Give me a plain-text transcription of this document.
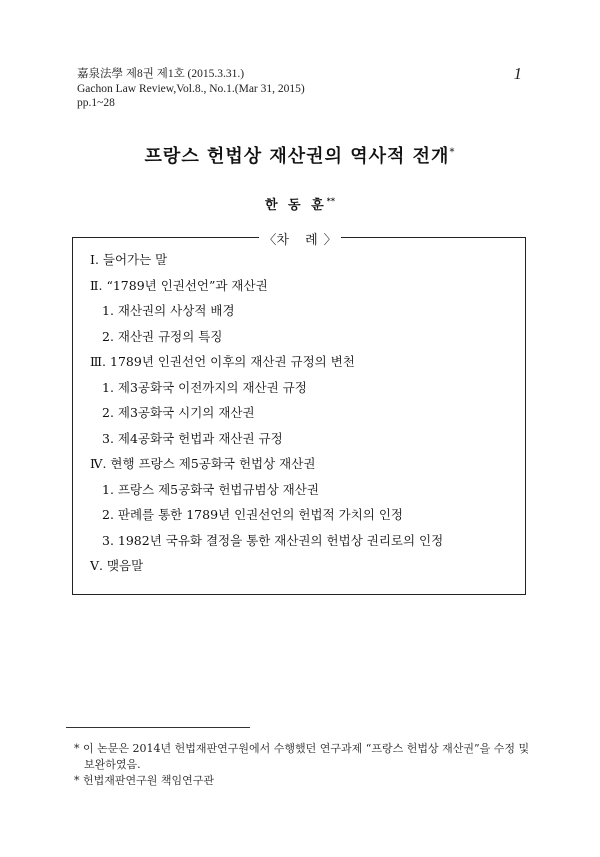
嘉泉法學 제8권 제1호 (2015.3.31.)
Gachon Law Review,Vol.8., No.1.(Mar 31, 2015)
pp.1~28
1
프랑스 헌법상 재산권의 역사적 전개*
한 동 훈**
〈차 례〉
Ⅰ. 들어가는 말
Ⅱ. “1789년 인권선언”과 재산권
1. 재산권의 사상적 배경
2. 재산권 규정의 특징
Ⅲ. 1789년 인권선언 이후의 재산권 규정의 변천
1. 제3공화국 이전까지의 재산권 규정
2. 제3공화국 시기의 재산권
3. 제4공화국 헌법과 재산권 규정
Ⅳ. 현행 프랑스 제5공화국 헌법상 재산권
1. 프랑스 제5공화국 헌법규범상 재산권
2. 판례를 통한 1789년 인권선언의 헌법적 가치의 인정
3. 1982년 국유화 결정을 통한 재산권의 헌법상 권리로의 인정
Ⅴ. 맺음말

* 이 논문은 2014년 헌법재판연구원에서 수행했던 연구과제 “프랑스 헌법상 재산권”을 수정 및 보완하였음.

* 헌법재판연구원 책임연구관
